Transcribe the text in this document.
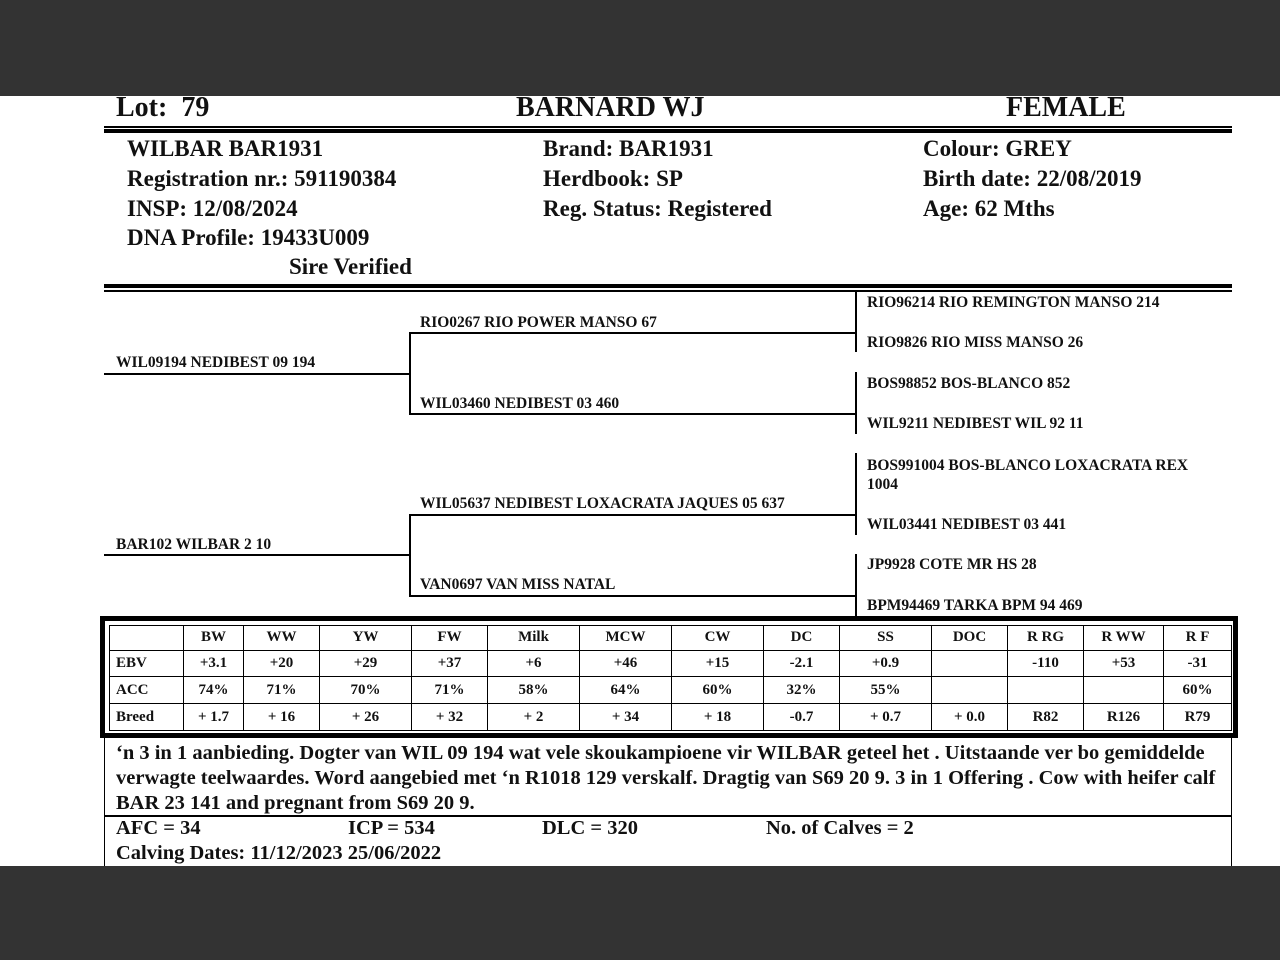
Lot: 79	BARNARD WJ	FEMALE
WILBAR BAR1931
Registration nr.: 591190384
INSP: 12/08/2024
DNA Profile: 19433U009
Sire Verified
Brand: BAR1931
Herdbook: SP
Reg. Status: Registered
Colour: GREY
Birth date: 22/08/2019
Age: 62 Mths
WIL09194 NEDIBEST 09 194
RIO0267 RIO POWER MANSO 67
WIL03460 NEDIBEST 03 460
BAR102 WILBAR 2 10
WIL05637 NEDIBEST LOXACRATA JAQUES 05 637
VAN0697 VAN MISS NATAL
RIO96214 RIO REMINGTON MANSO 214
RIO9826 RIO MISS MANSO 26
BOS98852 BOS-BLANCO 852
WIL9211 NEDIBEST WIL 92 11
BOS991004 BOS-BLANCO LOXACRATA REX 1004
WIL03441 NEDIBEST 03 441
JP9928 COTE MR HS 28
BPM94469 TARKA BPM 94 469
	BW	WW	YW	FW	Milk	MCW	CW	DC	SS	DOC	R RG	R WW	R F
EBV	+3.1	+20	+29	+37	+6	+46	+15	-2.1	+0.9		-110	+53	-31
ACC	74%	71%	70%	71%	58%	64%	60%	32%	55%				60%
Breed	+ 1.7	+ 16	+ 26	+ 32	+ 2	+ 34	+ 18	-0.7	+ 0.7	+ 0.0	R82	R126	R79

‘n 3 in 1 aanbieding. Dogter van WIL 09 194 wat vele skoukampioene vir WILBAR geteel het . Uitstaande ver bo gemiddelde verwagte teelwaardes. Word aangebied met ‘n R1018 129 verskalf. Dragtig van S69 20 9. 3 in 1 Offering . Cow with heifer calf BAR 23 141 and pregnant from S69 20 9.

AFC = 34	ICP = 534	DLC = 320	No. of Calves = 2
Calving Dates: 11/12/2023 25/06/2022
